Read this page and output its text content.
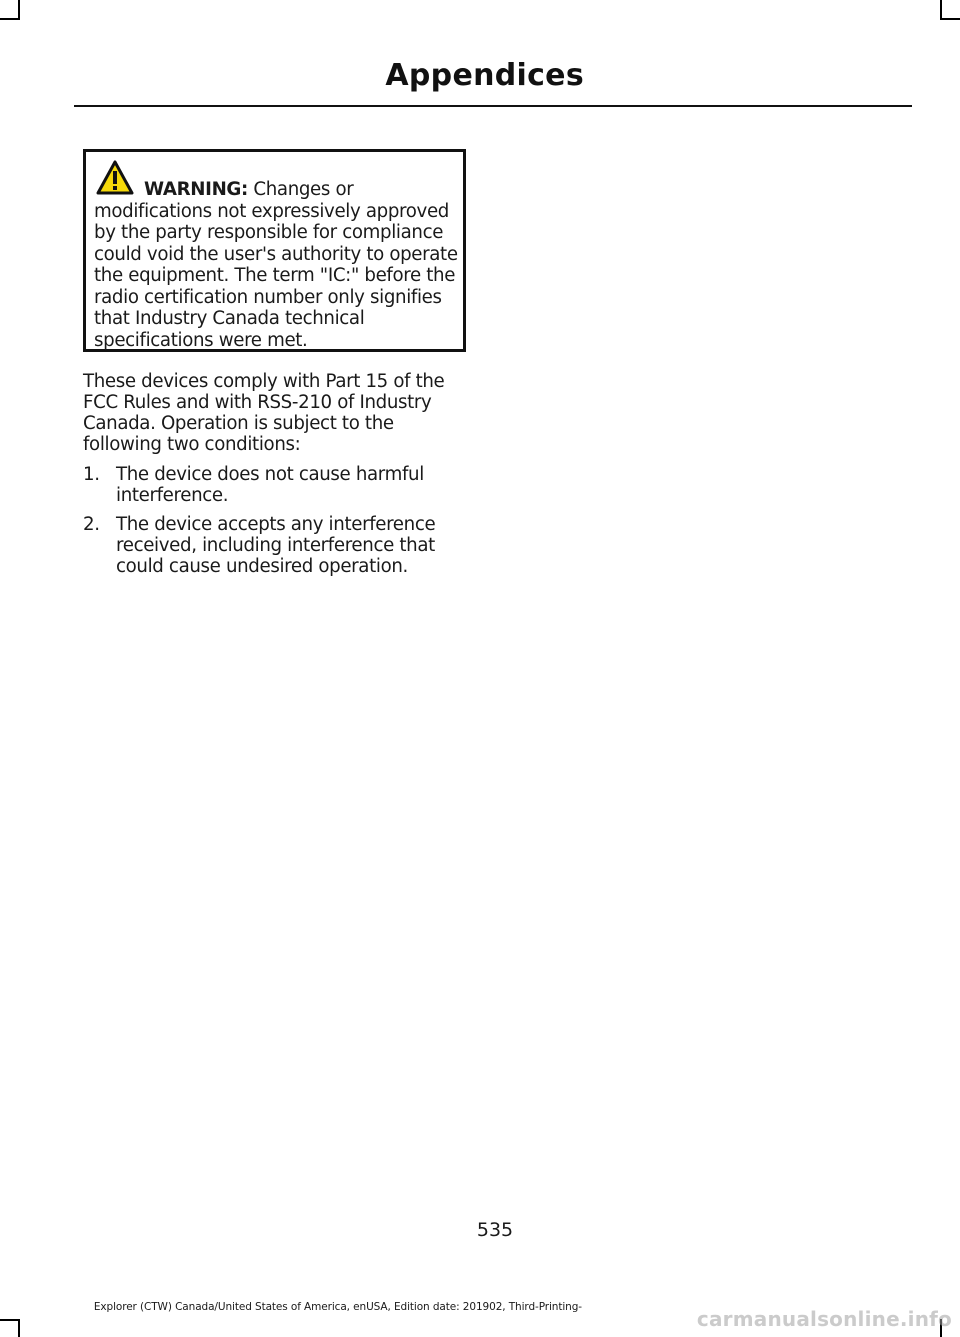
Appendices
WARNING: Changes or
modifications not expressively approved
by the party responsible for compliance
could void the user's authority to operate
the equipment. The term "IC:" before the
radio certification number only signifies
that Industry Canada technical
specifications were met.
These devices comply with Part 15 of the
FCC Rules and with RSS-210 of Industry
Canada. Operation is subject to the
following two conditions:
1. The device does not cause harmful
interference.
2. The device accepts any interference
received, including interference that
could cause undesired operation.
535
Explorer (CTW) Canada/United States of America, enUSA, Edition date: 201902, Third-Printing-	carmanualsonline.info
